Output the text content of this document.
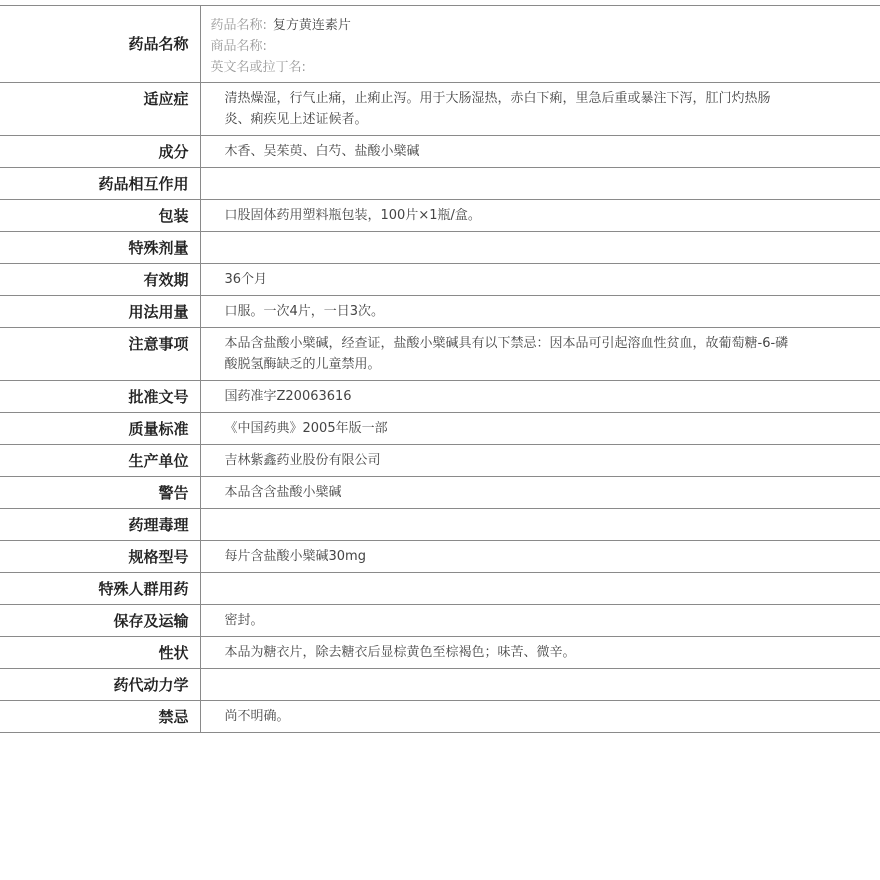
药品名称	药品名称: 复方黄连素片
商品名称:
英文名或拉丁名:

适应症	清热燥湿，行气止痛，止痢止泻。用于大肠湿热，赤白下痢，里急后重或暴注下泻，肛门灼热肠炎、痢疾见上述证候者。
成分	木香、吴茱萸、白芍、盐酸小檗碱
药品相互作用	
包装	口股固体药用塑料瓶包装，100片×1瓶/盒。
特殊剂量	
有效期	36个月
用法用量	口服。一次4片，一日3次。
注意事项	本品含盐酸小檗碱，经查证，盐酸小檗碱具有以下禁忌：因本品可引起溶血性贫血，故葡萄糖-6-磷酸脱氢酶缺乏的儿童禁用。
批准文号	国药准字Z20063616
质量标准	《中国药典》2005年版一部
生产单位	吉林紫鑫药业股份有限公司
警告	本品含含盐酸小檗碱
药理毒理	
规格型号	每片含盐酸小檗碱30mg
特殊人群用药	
保存及运输	密封。
性状	本品为糖衣片，除去糖衣后显棕黄色至棕褐色；味苦、微辛。
药代动力学	
禁忌	尚不明确。
